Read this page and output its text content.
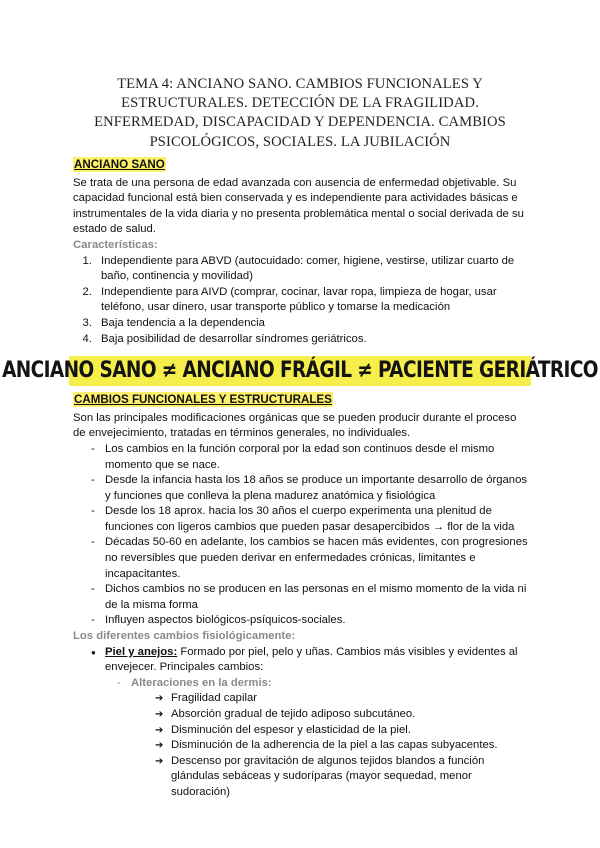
TEMA 4: ANCIANO SANO. CAMBIOS FUNCIONALES Y
ESTRUCTURALES. DETECCIÓN DE LA FRAGILIDAD.
ENFERMEDAD, DISCAPACIDAD Y DEPENDENCIA. CAMBIOS
PSICOLÓGICOS, SOCIALES. LA JUBILACIÓN
ANCIANO SANO
Se trata de una persona de edad avanzada con ausencia de enfermedad objetivable. Su capacidad funcional está bien conservada y es independiente para actividades básicas e instrumentales de la vida diaria y no presenta problemática mental o social derivada de su estado de salud.
Características:
1. Independiente para ABVD (autocuidado: comer, higiene, vestirse, utilizar cuarto de baño, continencia y movilidad)
2. Independiente para AIVD (comprar, cocinar, lavar ropa, limpieza de hogar, usar teléfono, usar dinero, usar transporte público y tomarse la medicación
3. Baja tendencia a la dependencia
4. Baja posibilidad de desarrollar síndromes geriátricos.
ANCIANO SANO ≠ ANCIANO FRÁGIL ≠ PACIENTE GERIÁTRICO
CAMBIOS FUNCIONALES Y ESTRUCTURALES
Son las principales modificaciones orgánicas que se pueden producir durante el proceso de envejecimiento, tratadas en términos generales, no individuales.
- Los cambios en la función corporal por la edad son continuos desde el mismo momento que se nace.
- Desde la infancia hasta los 18 años se produce un importante desarrollo de órganos y funciones que conlleva la plena madurez anatómica y fisiológica
- Desde los 18 aprox. hacia los 30 años el cuerpo experimenta una plenitud de funciones con ligeros cambios que pueden pasar desapercibidos → flor de la vida
- Décadas 50-60 en adelante, los cambios se hacen más evidentes, con progresiones no reversibles que pueden derivar en enfermedades crónicas, limitantes e incapacitantes.
- Dichos cambios no se producen en las personas en el mismo momento de la vida ni de la misma forma
- Influyen aspectos biológicos-psíquicos-sociales.
Los diferentes cambios fisiológicamente:
● Piel y anejos: Formado por piel, pelo y uñas. Cambios más visibles y evidentes al envejecer. Principales cambios:
- Alteraciones en la dermis:
➔ Fragilidad capilar
➔ Absorción gradual de tejido adiposo subcutáneo.
➔ Disminución del espesor y elasticidad de la piel.
➔ Disminución de la adherencia de la piel a las capas subyacentes.
➔ Descenso por gravitación de algunos tejidos blandos a función glándulas sebáceas y sudoríparas (mayor sequedad, menor sudoración)
